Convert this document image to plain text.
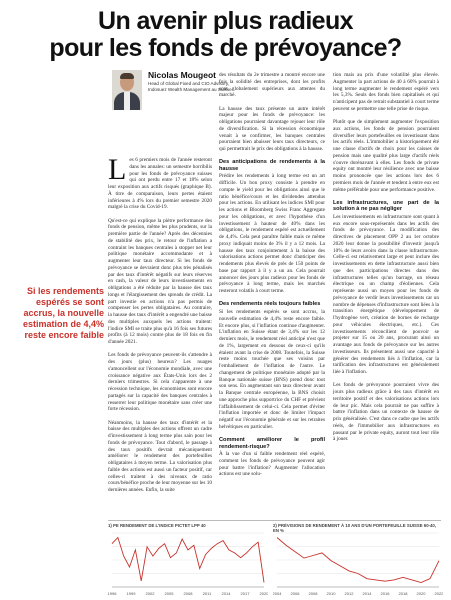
Un avenir plus radieux
pour les fonds de prévoyance?
Nicolas Mougeot
Head of Global Fixed and CIO Advisory, Indosuez Wealth Management au Suisse
Si les rendements espérés se sont accrus, la nouvelle estimation de 4,4% reste encore faible

Les 6 premiers mois de l'année resteront dans les annales: un semestre horribilis pour les fonds de prévoyance suisses qui ont perdu entre 17 et 18% selon leur exposition aux actifs risqués (graphique B). À titre de comparaison, leurs pertes étaient inférieures à 4% lors du premier semestre 2020 malgré la crise du Covid-19.

Qu'est-ce qui explique la piètre performance des fonds de pension, même les plus prudents, sur la première partie de l'année? Après des décennies de stabilité des prix, le retour de l'inflation a contraint les banques centrales à stopper net leur politique monétaire accommodante et à augmenter leur taux directeur. Si les fonds de prévoyance se devraient donc plus très pénalisés par des taux d'intérêt négatifs sur leurs réserves en cash, la valeur de leurs investissements en obligations a été réduite par la hausse des taux longs et l'élargissement des spreads de crédit. La part investie en actions n'a pas permis de compenser les pertes obligataires. Au contraire, la hausse des taux d'intérêt a engendré une baisse des multiples auxquels les actions traitent: l'indice SMI se traite plus qu'à 16 fois ses futures profits (à 12 mois) contre plus de 18 fois en fin d'année 2021.

Les fonds de prévoyance peuvent-ils s'attendre à des jours (plus) heureux? Les nuages s'amoncellent sur l'économie mondiale, avec une croissance négative aux États-Unis lors des 2 derniers trimestres. Si cela s'apparente à une récession technique, les économistes sont encore partagés sur la capacité des banques centrales à resserrer leur politique monétaire sans créer une forte récession.

Néanmoins, la hausse des taux d'intérêt et la baisse des multiples des actions offrent un cadre d'investissement à long terme plus sain pour les fonds de prévoyance. Tout d'abord, le passage à des taux positifs devrait mécaniquement améliorer le rendement des portefeuilles obligataires à moyen terme. La valorisation plus faible des actions est aussi un facteur positif, car celles-ci traitent à des niveaux de ratio cours/bénéfice proche de leur moyenne sur les 10 dernières années. Enfin, la suite

des résultats du 2e trimestre a montré encore une fois la solidité des entreprises, dont les profits sont globalement supérieurs aux attentes du marché.

La hausse des taux présente un autre intérêt majeur pour les fonds de prévoyance: les obligations pourraient davantage rejouer leur rôle de diversification. Si la récession économique venait à se confirmer, les banques centrales pourraient bien abaisser leurs taux directeurs, ce qui permettrait le prix des obligations à la hausse.

Des anticipations de rendements à la hausse

Prédire les rendements à long terme est un art difficile. Un bon proxy consiste à prendre en compte le yield pour les obligations ainsi que le ratio bénéfice/cours et les dividendes attendus pour les actions. En utilisant les indices SMI pour les actions et Bloomberg Swiss Franc Aggregate pour les obligations, et avec l'hypothèse d'un investissement à hauteur de 40% dans les obligations, le rendement espéré est actuellement de 4,4%. Cela peut paraître faible mais ce même proxy indiquait moins de 3% il y a 12 mois. La hausse des taux conjointement à la baisse des valorisations actions permet donc d'anticiper des rendements plus élevés de près de 150 points de base par rapport à il y a un an. Cela pourrait annoncer des jours plus radieux pour les fonds de prévoyance à long terme, mais les marchés resteront volatils à court terme.

Des rendements réels toujours faibles

Si les rendements espérés se sont accrus, la nouvelle estimation de 4,4% reste encore faible. Et encore plus, si l'inflation continue d'augmenter. L'inflation en Suisse étant de 3,4% sur les 12 derniers mois, le rendement réel anticipé n'est que de 1%, largement en dessous de ceux-ci qu'ils étaient avant la crise de 2008. Toutefois, la Suisse reste moins touchée que ses voisins par l'emballement de l'inflation de l'autre. Le changement de politique monétaire adopté par la Banque nationale suisse (BNS) prend donc tout son sens. En augmentant son taux directeur avant la Banque centrale européenne, la BNS choisit une approche plus supportrice du CHF et prévient l'affaiblissement de celui-ci. Cela permet d'éviter l'inflation importée et donc de limiter l'impact négatif sur l'économie générale et sur les retraites helvétiques en particulier.

Comment améliorer le profil rendement-risque?

À la vue d'un si faible rendement réel espéré, comment les fonds de prévoyance peuvent agir pour battre l'inflation? Augmenter l'allocation actions est une solu-

tion mais au prix d'une volatilité plus élevée. Augmenter la part actions de 40 à 60% pourrait à long terme augmenter le rendement espéré vers les 5,3%. Seuls des fonds bien capitalisés et qui n'anticipent pas de retrait substantiel à court terme peuvent se permettre une telle prise de risque.

Plutôt que de simplement augmenter l'exposition aux actions, les fonds de pension pourraient diversifier leurs portefeuilles en investissant dans les actifs réels. L'immobilier a historiquement été une classe d'actifs de choix pour les caisses de pension mais une qualité plus large d'actifs réels s'ouvre dorénavant à elles. Les fonds de private equity ont montré leur résilience avec une baisse moins prononcée que les actions lors des 6 premiers mois de l'année et tendent à entre eux est même préférable pour une performance positive.

Les infrastructures, une part de la solution à ne pas négliger

Les investissements en infrastructure sont quant à eux encore sous-représentés dans les actifs des fonds de prévoyance. La modification des directives de placement OPP 2 au 1er octobre 2020 leur donne la possibilité d'investir jusqu'à 10% de leurs avoirs dans la classe infrastructure. Celle-ci est relativement large et peut inclure des investissements en dette infrastructure aussi bien que des participations directes dans des infrastructures telles qu'un barrage, un réseau électrique ou un champ d'éoliennes. Cela représente aussi un moyen pour les fonds de prévoyance de verdir leurs investissements car un nombre de dépenses d'infrastructure sont liées à la transition énergétique (développement de l'hydrogène vert, création de bornes de recharge pour véhicules électriques, etc.). Ces investissements réconcilient de pouvoir se projeter sur 15 ou 20 ans, procurant ainsi un avantage aux fonds de prévoyance sur les autres investisseurs. Ils présentent aussi une capacité à générer des rendements liés à l'inflation, car la tarification des infrastructures est généralement liée à l'inflation.

Les fonds de prévoyance pourraient vivre des jours plus radieux grâce à des taux d'intérêt en territoire positif et des valorisations actions lors de leur pic. Mais cela pourrait ne pas suffire à battre l'inflation dans un contexte de hausse de prix généralisée. C'est dans ce cadre que les actifs réels, de l'immobilier aux infrastructures en passant par le private equity, auront tout leur rôle à jouer.

1) PE RENDEMENT DE L'INDICE PICTET LPP 40	2) PRÉVISIONS DE RENDEMENT À 10 ANS D'UN PORTEFEUILLE SUISSE 60-40, EN %
1996	1999	2002	2005	2008	2011	2014	2017	2020 2004 2006 2008 2010 2012 2014 2016 2018 2020 2022
